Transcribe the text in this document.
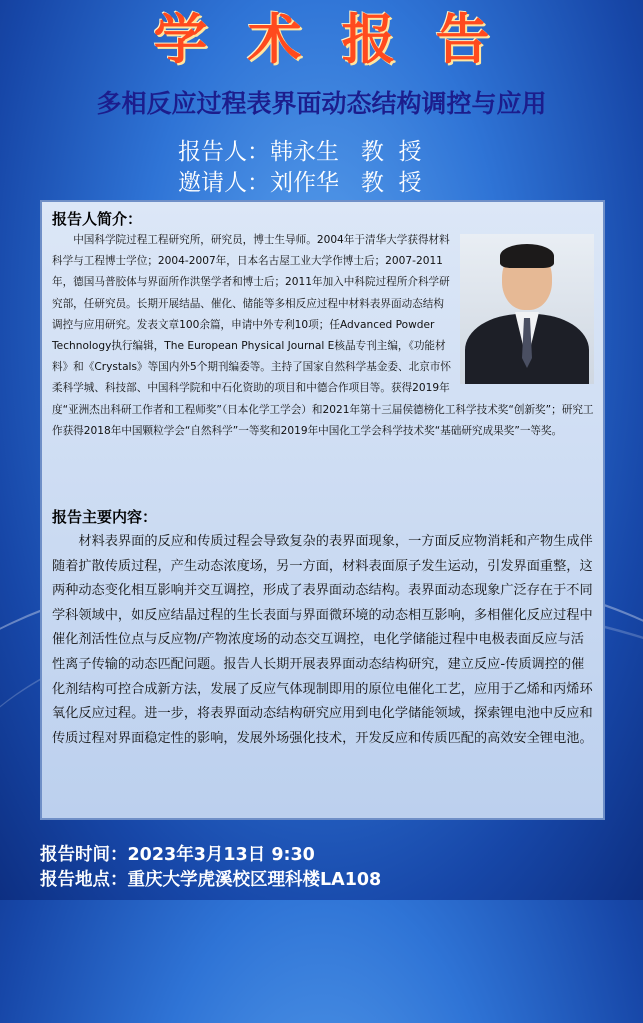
学术报告
多相反应过程表界面动态结构调控与应用
报告人：韩永生   教  授
邀请人：刘作华   教  授
报告人简介：
中国科学院过程工程研究所，研究员，博士生导师。2004年于清华大学获得材料科学与工程博士学位；2004-2007年，日本名古屋工业大学作博士后；2007-2011年，德国马普胶体与界面所作洪堡学者和博士后；2011年加入中科院过程所介科学研究部，任研究员。长期开展结晶、催化、储能等多相反应过程中材料表界面动态结构调控与应用研究。发表文章100余篇，申请中外专利10项；任Advanced Powder Technology执行编辑，The European Physical Journal E核晶专刊主编，《功能材料》和《Crystals》等国内外5个期刊编委等。主持了国家自然科学基金委、北京市怀柔科学城、科技部、中国科学院和中石化资助的项目和中德合作项目等。获得2019年度“亚洲杰出科研工作者和工程师奖”（日本化学工学会）和2021年第十三届侯德榜化工科学技术奖“创新奖”；研究工作获得2018年中国颗粒学会“自然科学”一等奖和2019年中国化工学会科学技术奖“基础研究成果奖”一等奖。
报告主要内容：
材料表界面的反应和传质过程会导致复杂的表界面现象，一方面反应物消耗和产物生成伴随着扩散传质过程，产生动态浓度场，另一方面，材料表面原子发生运动，引发界面重整，这两种动态变化相互影响并交互调控，形成了表界面动态结构。表界面动态现象广泛存在于不同学科领域中，如反应结晶过程的生长表面与界面微环境的动态相互影响，多相催化反应过程中催化剂活性位点与反应物/产物浓度场的动态交互调控，电化学储能过程中电极表面反应与活性离子传输的动态匹配问题。报告人长期开展表界面动态结构研究，建立反应-传质调控的催化剂结构可控合成新方法，发展了反应气体现制即用的原位电催化工艺，应用于乙烯和丙烯环氧化反应过程。进一步，将表界面动态结构研究应用到电化学储能领域，探索锂电池中反应和传质过程对界面稳定性的影响，发展外场强化技术，开发反应和传质匹配的高效安全锂电池。
报告时间：2023年3月13日 9:30
报告地点：重庆大学虎溪校区理科楼LA108
